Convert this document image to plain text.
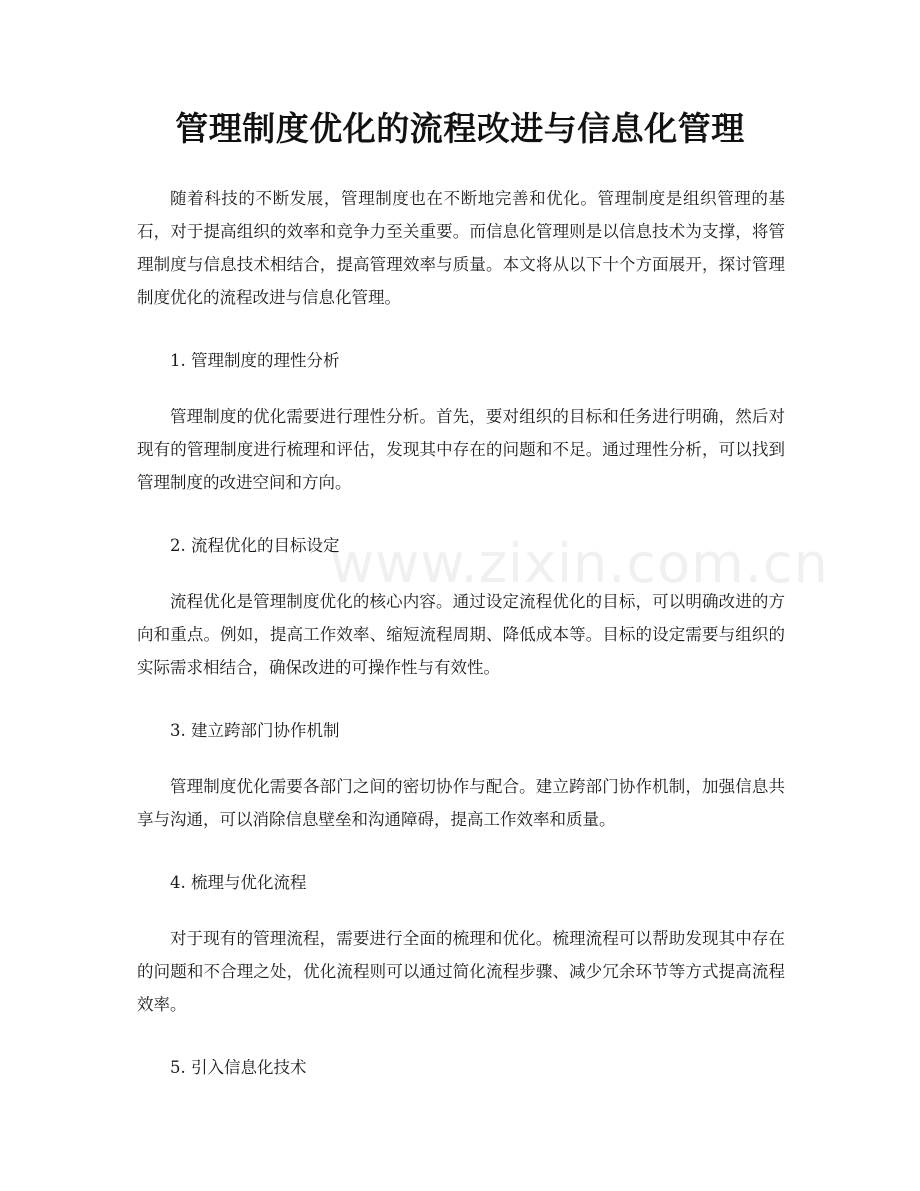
管理制度优化的流程改进与信息化管理

随着科技的不断发展，管理制度也在不断地完善和优化。管理制度是组织管理的基石，对于提高组织的效率和竞争力至关重要。而信息化管理则是以信息技术为支撑，将管理制度与信息技术相结合，提高管理效率与质量。本文将从以下十个方面展开，探讨管理制度优化的流程改进与信息化管理。

1. 管理制度的理性分析

管理制度的优化需要进行理性分析。首先，要对组织的目标和任务进行明确，然后对现有的管理制度进行梳理和评估，发现其中存在的问题和不足。通过理性分析，可以找到管理制度的改进空间和方向。

2. 流程优化的目标设定

流程优化是管理制度优化的核心内容。通过设定流程优化的目标，可以明确改进的方向和重点。例如，提高工作效率、缩短流程周期、降低成本等。目标的设定需要与组织的实际需求相结合，确保改进的可操作性与有效性。

3. 建立跨部门协作机制

管理制度优化需要各部门之间的密切协作与配合。建立跨部门协作机制，加强信息共享与沟通，可以消除信息壁垒和沟通障碍，提高工作效率和质量。

4. 梳理与优化流程

对于现有的管理流程，需要进行全面的梳理和优化。梳理流程可以帮助发现其中存在的问题和不合理之处，优化流程则可以通过简化流程步骤、减少冗余环节等方式提高流程效率。

5. 引入信息化技术

www.zixin.com.cn
